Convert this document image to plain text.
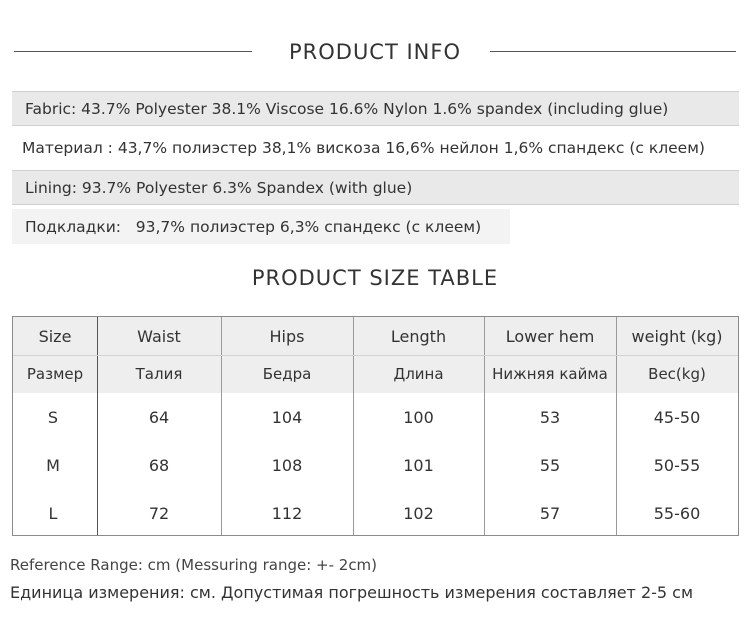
PRODUCT INFO
Fabric: 43.7% Polyester 38.1% Viscose 16.6% Nylon 1.6% spandex (including glue)
Материал : 43,7% полиэстер 38,1% вискоза 16,6% нейлон 1,6% спандекс (с клеем)
Lining: 93.7% Polyester 6.3% Spandex (with glue)
Подкладки:   93,7% полиэстер 6,3% спандекс (с клеем)
PRODUCT SIZE TABLE
Size
Размер
S
M
L
Waist
Талия
64
68
72
Hips
Бедра
104
108
112
Length
Длина
100
101
102
Lower hem
Нижняя кайма
53
55
57
weight (kg)
Вес(kg)
45-50
50-55
55-60
Reference Range: cm (Messuring range: +- 2cm)
Единица измерения: см. Допустимая погрешность измерения составляет 2-5 см
